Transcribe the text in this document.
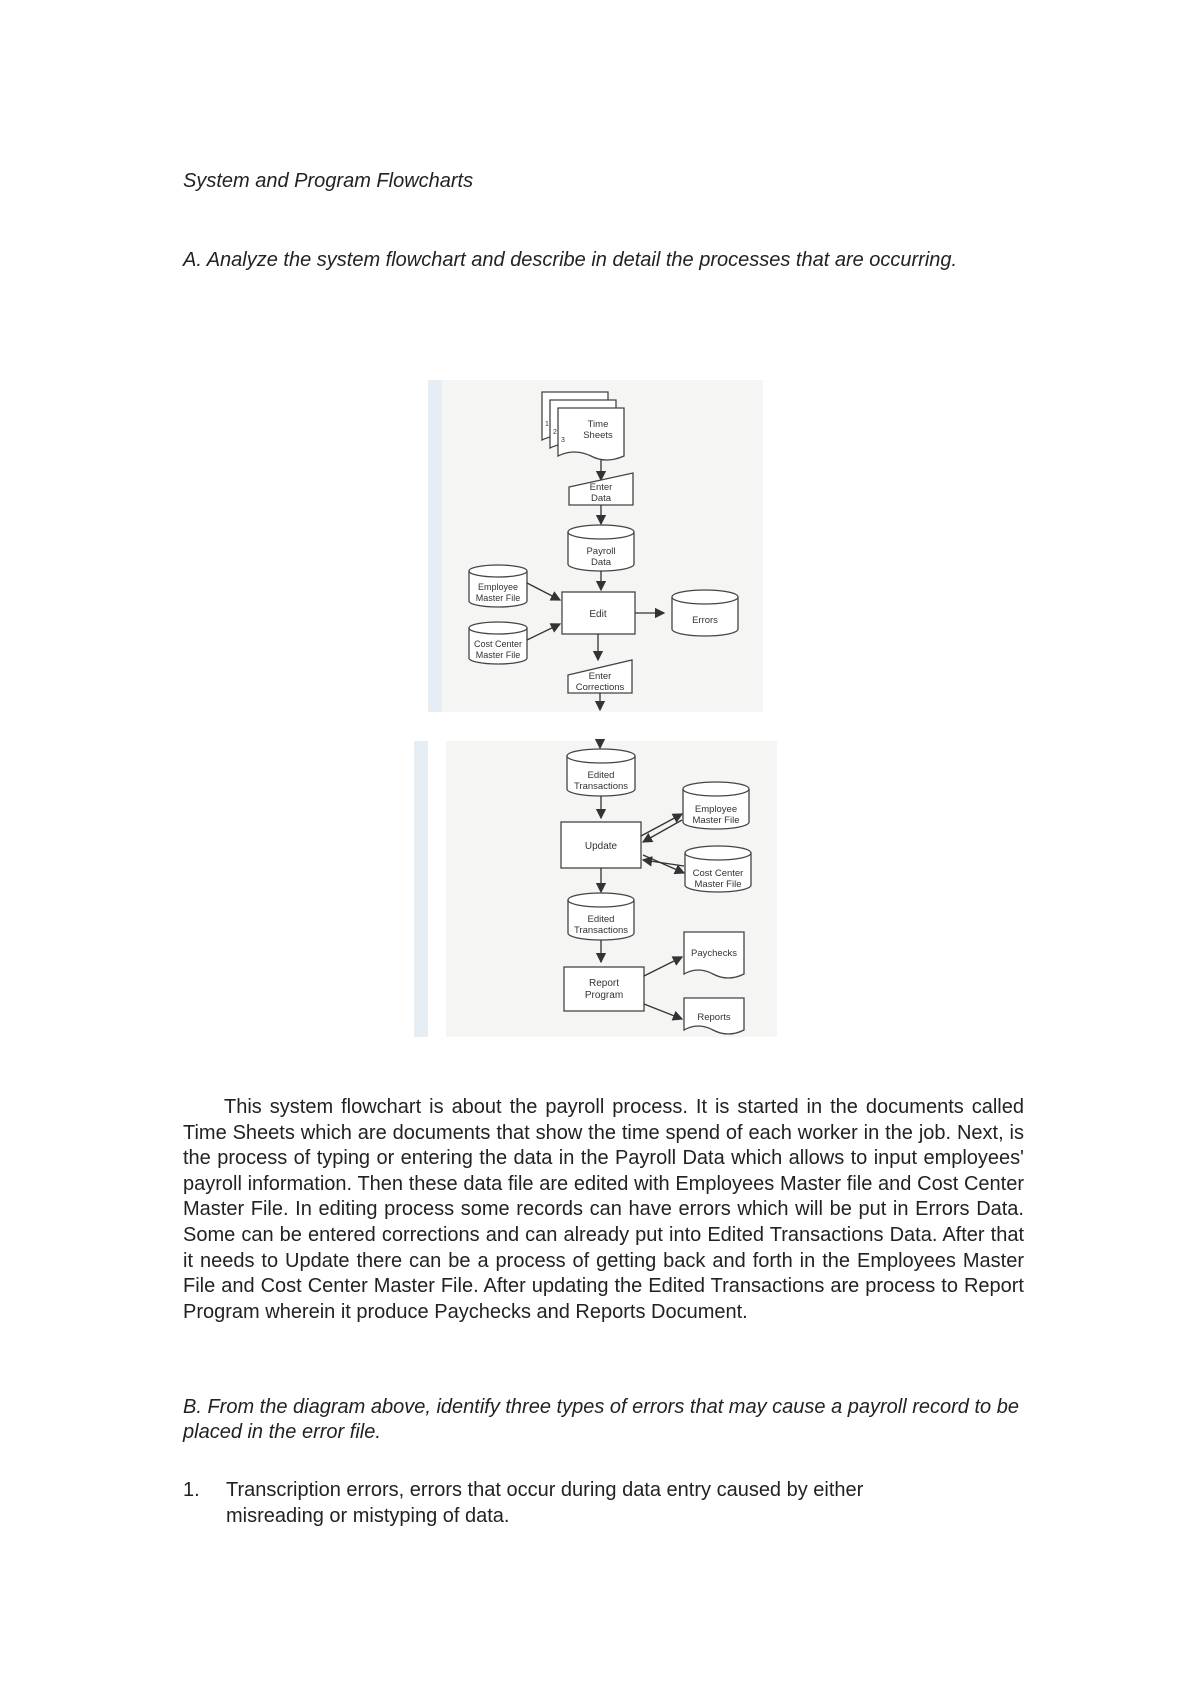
System and Program Flowcharts
A. Analyze the system flowchart and describe in detail the processes that are occurring.
1
2
3
Time
Sheets
Enter
Data
Payroll
Data
Employee
Master File
Cost Center
Master File
Edit
Errors
Enter
Corrections
Edited
Transactions
Update
Employee
Master File
Cost Center
Master File
Edited
Transactions
Report
Program
Paychecks
Reports

This system flowchart is about the payroll process. It is started in the documents called Time Sheets which are documents that show the time spend of each worker in the job. Next, is the process of typing or entering the data in the Payroll Data which allows to input employees' payroll information. Then these data file are edited with Employees Master file and Cost Center Master File. In editing process some records can have errors which will be put in Errors Data. Some can be entered corrections and can already put into Edited Transactions Data. After that it needs to Update there can be a process of getting back and forth in the Employees Master File and Cost Center Master File. After updating the Edited Transactions are process to Report Program wherein it produce Paychecks and Reports Document.

B. From the diagram above, identify three types of errors that may cause a payroll record to be placed in the error file.
1. Transcription errors, errors that occur during data entry caused by either misreading or mistyping of data.
